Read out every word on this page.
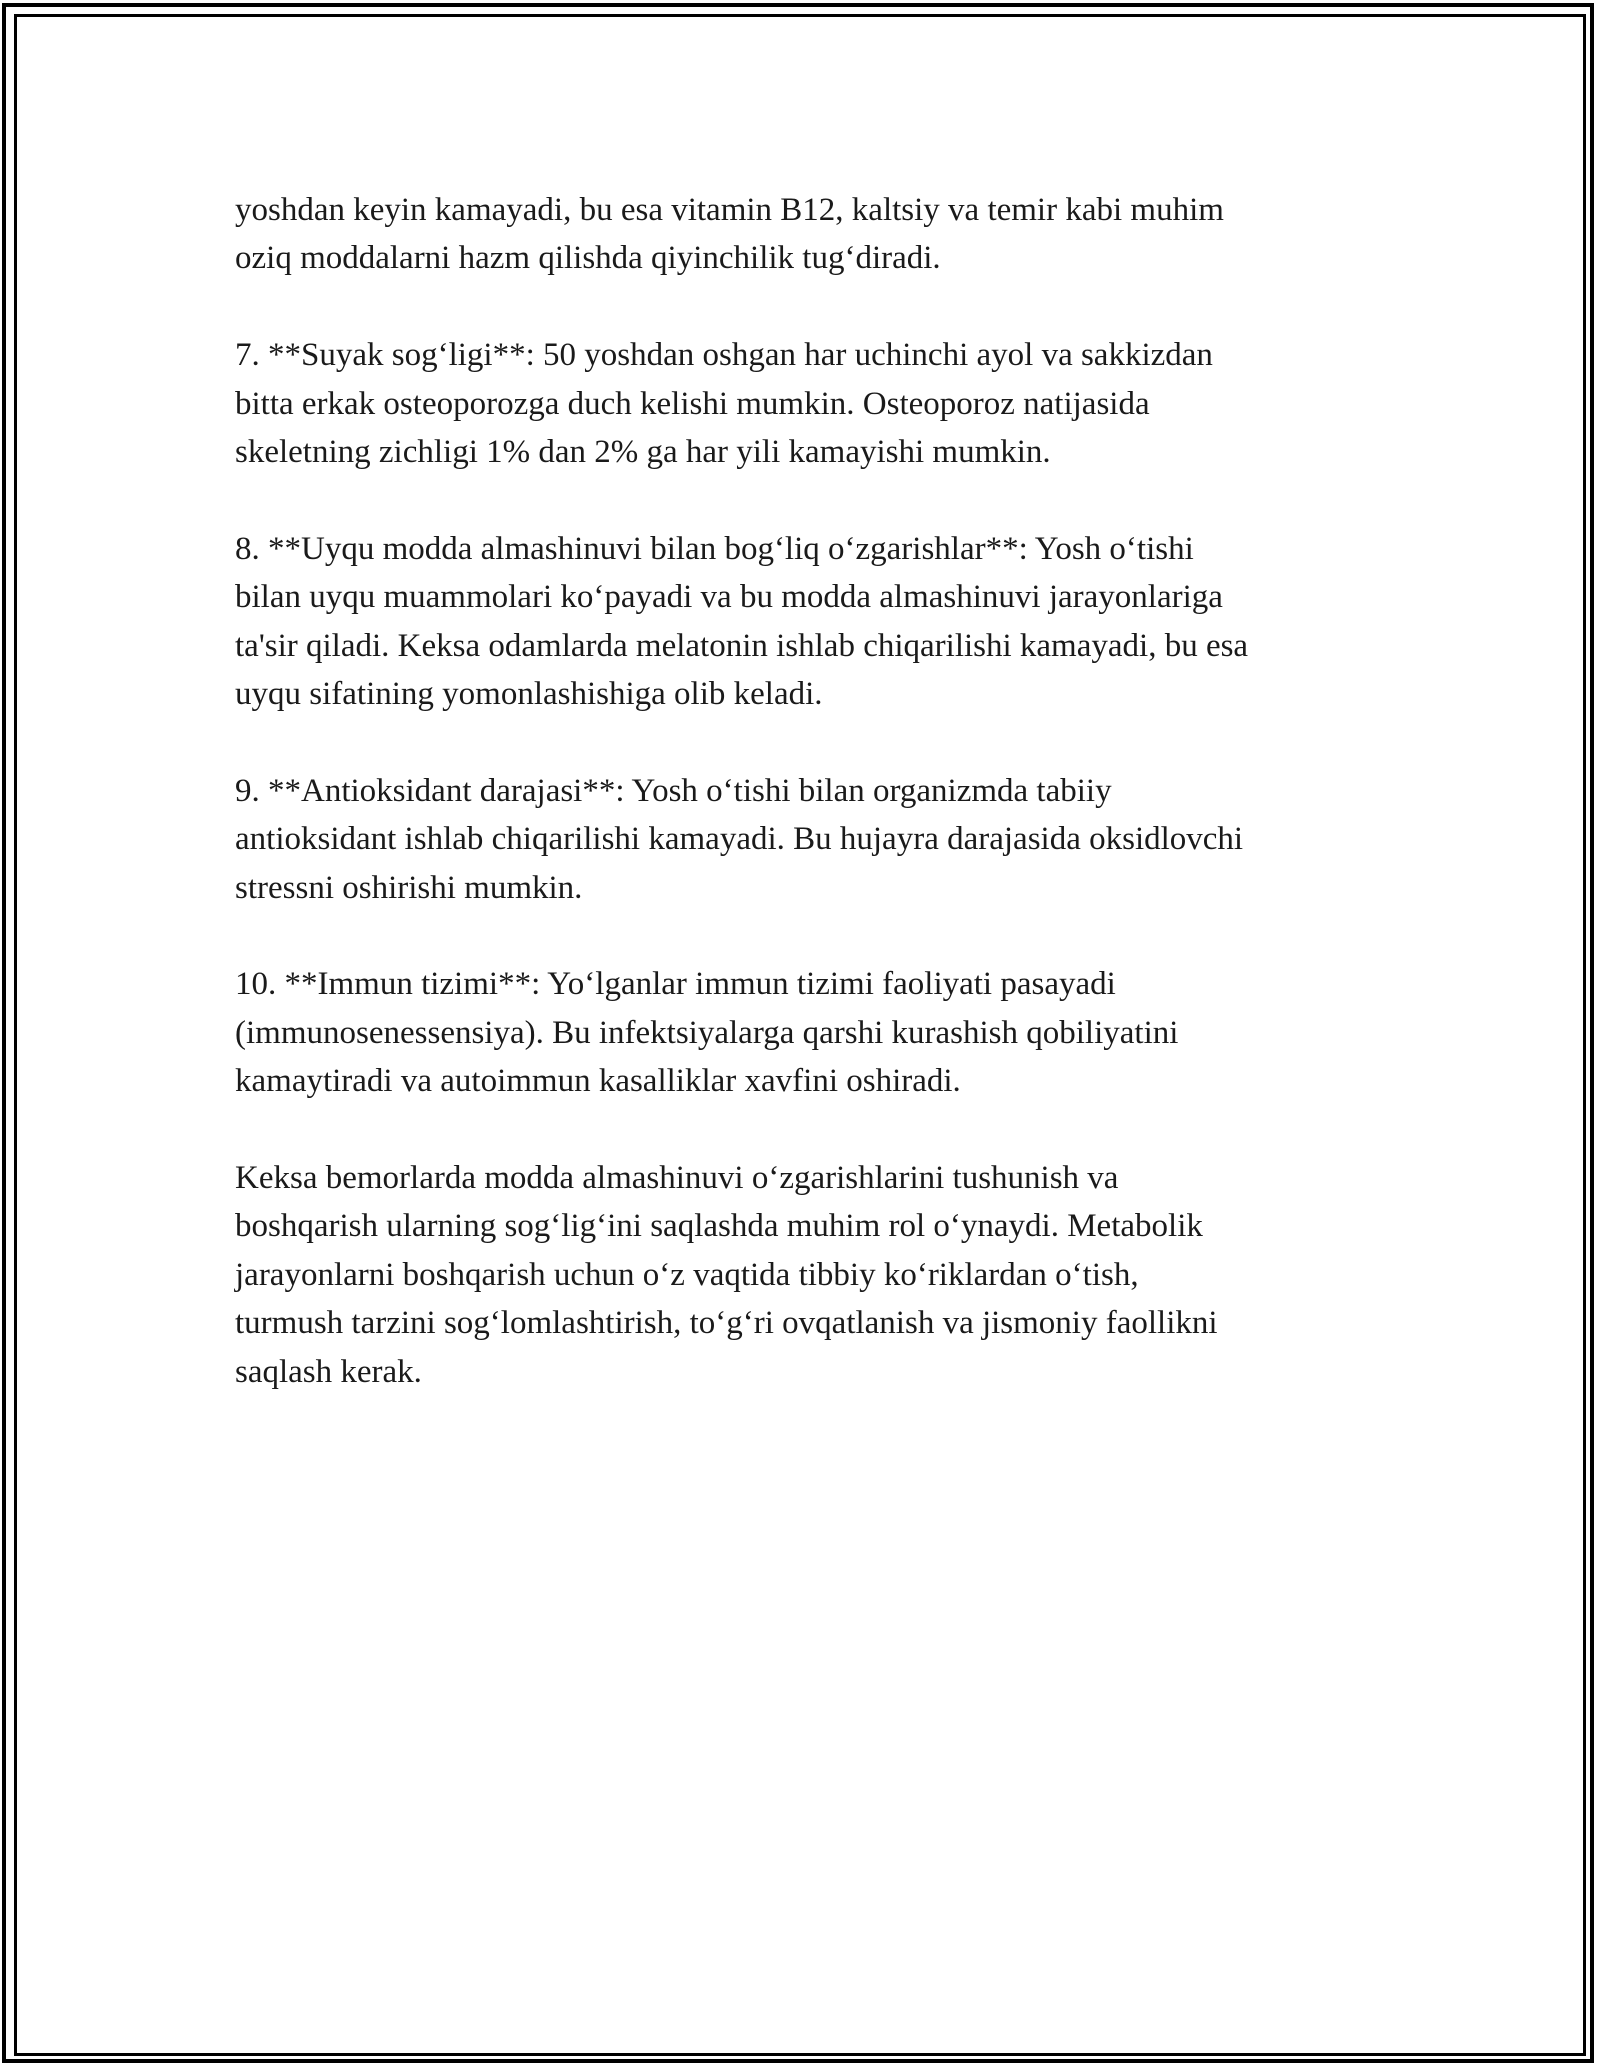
yoshdan keyin kamayadi, bu esa vitamin B12, kaltsiy va temir kabi muhim
oziq moddalarni hazm qilishda qiyinchilik tug‘diradi.

7. **Suyak sog‘ligi**: 50 yoshdan oshgan har uchinchi ayol va sakkizdan
bitta erkak osteoporozga duch kelishi mumkin. Osteoporoz natijasida
skeletning zichligi 1% dan 2% ga har yili kamayishi mumkin.

8. **Uyqu modda almashinuvi bilan bog‘liq o‘zgarishlar**: Yosh o‘tishi
bilan uyqu muammolari ko‘payadi va bu modda almashinuvi jarayonlariga
ta'sir qiladi. Keksa odamlarda melatonin ishlab chiqarilishi kamayadi, bu esa
uyqu sifatining yomonlashishiga olib keladi.

9. **Antioksidant darajasi**: Yosh o‘tishi bilan organizmda tabiiy
antioksidant ishlab chiqarilishi kamayadi. Bu hujayra darajasida oksidlovchi
stressni oshirishi mumkin.

10. **Immun tizimi**: Yo‘lganlar immun tizimi faoliyati pasayadi
(immunosenessensiya). Bu infektsiyalarga qarshi kurashish qobiliyatini
kamaytiradi va autoimmun kasalliklar xavfini oshiradi.

Keksa bemorlarda modda almashinuvi o‘zgarishlarini tushunish va
boshqarish ularning sog‘lig‘ini saqlashda muhim rol o‘ynaydi. Metabolik
jarayonlarni boshqarish uchun o‘z vaqtida tibbiy ko‘riklardan o‘tish,
turmush tarzini sog‘lomlashtirish, to‘g‘ri ovqatlanish va jismoniy faollikni
saqlash kerak.
